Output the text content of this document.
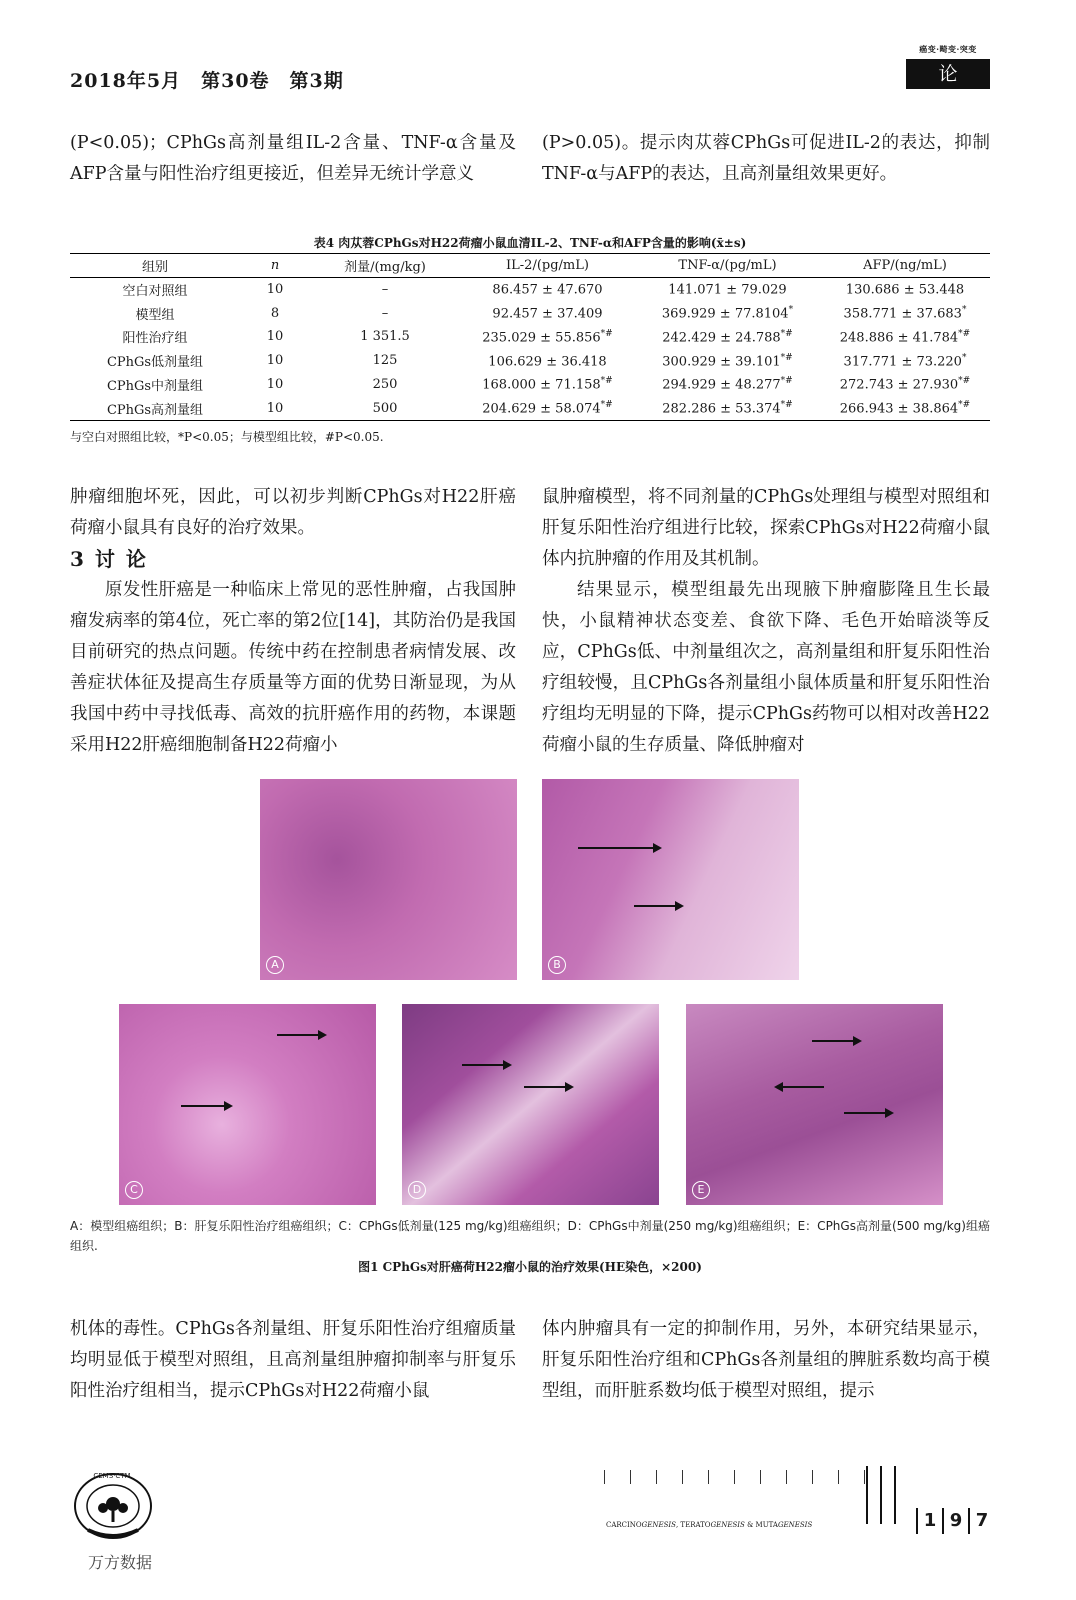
2018年5月　第30卷　第3期
癌变·畸变·突变
论著

(P<0.05)；CPhGs高剂量组IL-2含量、TNF-α含量及AFP含量与阳性治疗组更接近，但差异无统计学意义

(P>0.05)。提示肉苁蓉CPhGs可促进IL-2的表达，抑制TNF-α与AFP的表达，且高剂量组效果更好。

表4 肉苁蓉CPhGs对H22荷瘤小鼠血清IL-2、TNF-α和AFP含量的影响(x̄±s)
组别	n	剂量/(mg/kg)	IL-2/(pg/mL)	TNF-α/(pg/mL)	AFP/(ng/mL)
空白对照组	10	–	86.457 ± 47.670	141.071 ± 79.029	130.686 ± 53.448
模型组	8	–	92.457 ± 37.409	369.929 ± 77.8104*	358.771 ± 37.683*
阳性治疗组	10	1 351.5	235.029 ± 55.856*#	242.429 ± 24.788*#	248.886 ± 41.784*#
CPhGs低剂量组	10	125	106.629 ± 36.418	300.929 ± 39.101*#	317.771 ± 73.220*
CPhGs中剂量组	10	250	168.000 ± 71.158*#	294.929 ± 48.277*#	272.743 ± 27.930*#
CPhGs高剂量组	10	500	204.629 ± 58.074*#	282.286 ± 53.374*#	266.943 ± 38.864*#
与空白对照组比较，*P<0.05；与模型组比较，#P<0.05.

肿瘤细胞坏死，因此，可以初步判断CPhGs对H22肝癌荷瘤小鼠具有良好的治疗效果。

3 讨 论

原发性肝癌是一种临床上常见的恶性肿瘤，占我国肿瘤发病率的第4位，死亡率的第2位[14]，其防治仍是我国目前研究的热点问题。传统中药在控制患者病情发展、改善症状体征及提高生存质量等方面的优势日渐显现，为从我国中药中寻找低毒、高效的抗肝癌作用的药物，本课题采用H22肝癌细胞制备H22荷瘤小

鼠肿瘤模型，将不同剂量的CPhGs处理组与模型对照组和肝复乐阳性治疗组进行比较，探索CPhGs对H22荷瘤小鼠体内抗肿瘤的作用及其机制。

结果显示，模型组最先出现腋下肿瘤膨隆且生长最快，小鼠精神状态变差、食欲下降、毛色开始暗淡等反应，CPhGs低、中剂量组次之，高剂量组和肝复乐阳性治疗组较慢，且CPhGs各剂量组小鼠体质量和肝复乐阳性治疗组均无明显的下降，提示CPhGs药物可以相对改善H22荷瘤小鼠的生存质量、降低肿瘤对

A	B
C	D	E
A：模型组癌组织；B：肝复乐阳性治疗组癌组织；C：CPhGs低剂量(125 mg/kg)组癌组织；D：CPhGs中剂量(250 mg/kg)组癌组织；E：CPhGs高剂量(500 mg/kg)组癌组织.
图1 CPhGs对肝癌荷H22瘤小鼠的治疗效果(HE染色，×200)

机体的毒性。CPhGs各剂量组、肝复乐阳性治疗组瘤质量均明显低于模型对照组，且高剂量组肿瘤抑制率与肝复乐阳性治疗组相当，提示CPhGs对H22荷瘤小鼠

体内肿瘤具有一定的抑制作用，另外，本研究结果显示，肝复乐阳性治疗组和CPhGs各剂量组的脾脏系数均高于模型组，而肝脏系数均低于模型对照组，提示

CEMS·CTM
万方数据
CARCINOGENESIS, TERATOGENESIS & MUTAGENESIS	1 9 7
